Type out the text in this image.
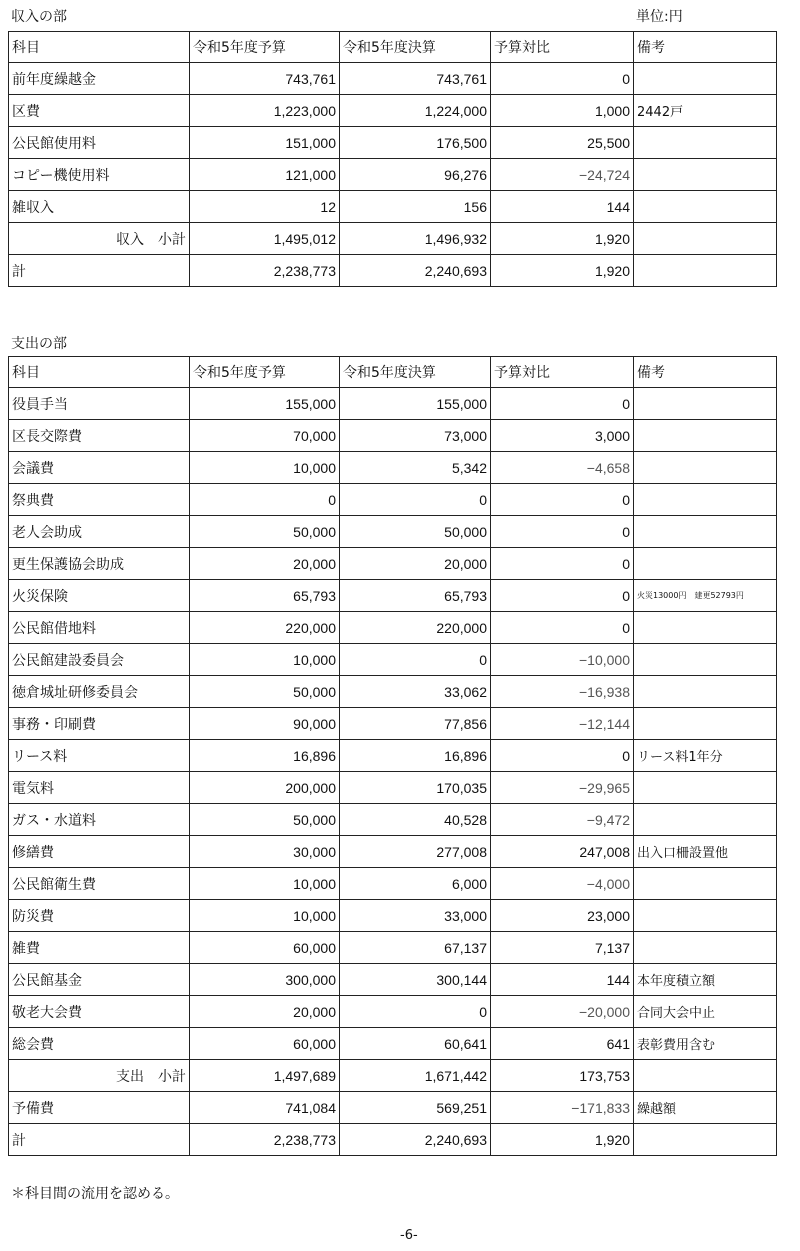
収入の部	単位:円
科目	令和5年度予算	令和5年度決算	予算対比	備考
前年度繰越金	743,761	743,761	0	
区費	1,223,000	1,224,000	1,000	2442戸
公民館使用料	151,000	176,500	25,500	
コピー機使用料	121,000	96,276	−24,724	
雑収入	12	156	144	
収入　小計	1,495,012	1,496,932	1,920	
計	2,238,773	2,240,693	1,920	
支出の部
科目	令和5年度予算	令和5年度決算	予算対比	備考
役員手当	155,000	155,000	0	
区長交際費	70,000	73,000	3,000	
会議費	10,000	5,342	−4,658	
祭典費	0	0	0	
老人会助成	50,000	50,000	0	
更生保護協会助成	20,000	20,000	0	
火災保険	65,793	65,793	0	火災13000円　建更52793円
公民館借地料	220,000	220,000	0	
公民館建設委員会	10,000	0	−10,000	
徳倉城址研修委員会	50,000	33,062	−16,938	
事務・印刷費	90,000	77,856	−12,144	
リース料	16,896	16,896	0	リース料1年分
電気料	200,000	170,035	−29,965	
ガス・水道料	50,000	40,528	−9,472	
修繕費	30,000	277,008	247,008	出入口柵設置他
公民館衛生費	10,000	6,000	−4,000	
防災費	10,000	33,000	23,000	
雑費	60,000	67,137	7,137	
公民館基金	300,000	300,144	144	本年度積立額
敬老大会費	20,000	0	−20,000	合同大会中止
総会費	60,000	60,641	641	表彰費用含む
支出　小計	1,497,689	1,671,442	173,753	
予備費	741,084	569,251	−171,833	繰越額
計	2,238,773	2,240,693	1,920	
＊科目間の流用を認める。
-6-
